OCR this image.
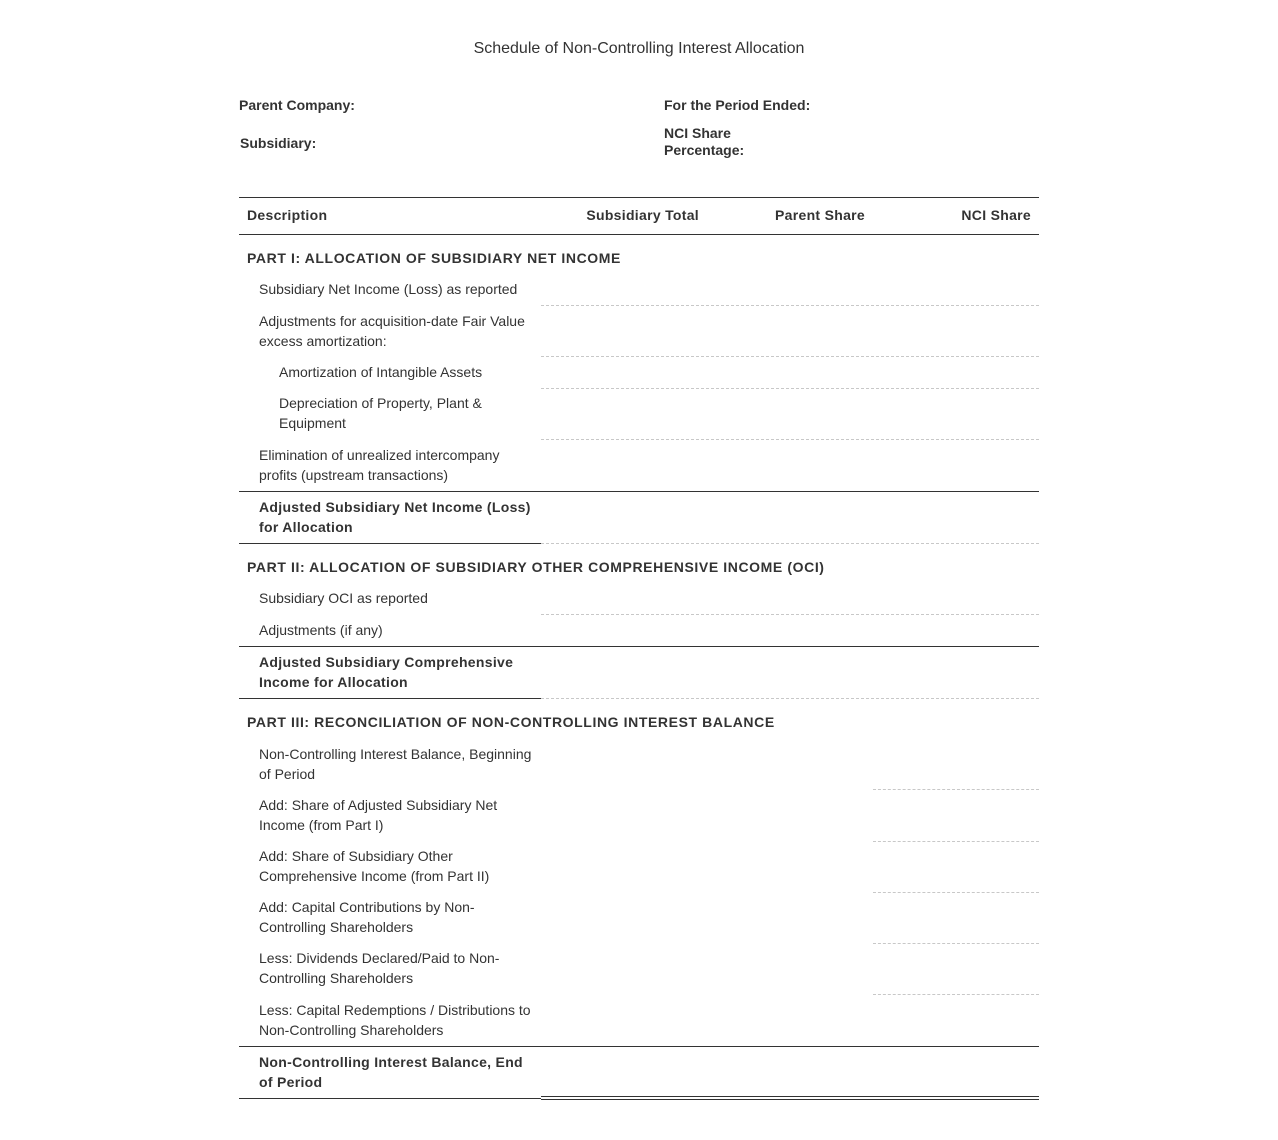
Schedule of Non-Controlling Interest Allocation
Parent Company:
Subsidiary:
For the Period Ended:
NCI Share
Percentage:
Description	Subsidiary Total	Parent Share	NCI Share
PART I: ALLOCATION OF SUBSIDIARY NET INCOME
Subsidiary Net Income (Loss) as reported
Adjustments for acquisition-date Fair Value excess amortization:
Amortization of Intangible Assets
Depreciation of Property, Plant & Equipment
Elimination of unrealized intercompany profits (upstream transactions)
Adjusted Subsidiary Net Income (Loss) for Allocation
PART II: ALLOCATION OF SUBSIDIARY OTHER COMPREHENSIVE INCOME (OCI)
Subsidiary OCI as reported
Adjustments (if any)
Adjusted Subsidiary Comprehensive Income for Allocation
PART III: RECONCILIATION OF NON-CONTROLLING INTEREST BALANCE
Non-Controlling Interest Balance, Beginning of Period
Add: Share of Adjusted Subsidiary Net Income (from Part I)
Add: Share of Subsidiary Other Comprehensive Income (from Part II)
Add: Capital Contributions by Non-Controlling Shareholders
Less: Dividends Declared/Paid to Non-Controlling Shareholders
Less: Capital Redemptions / Distributions to Non-Controlling Shareholders
Non-Controlling Interest Balance, End of Period
